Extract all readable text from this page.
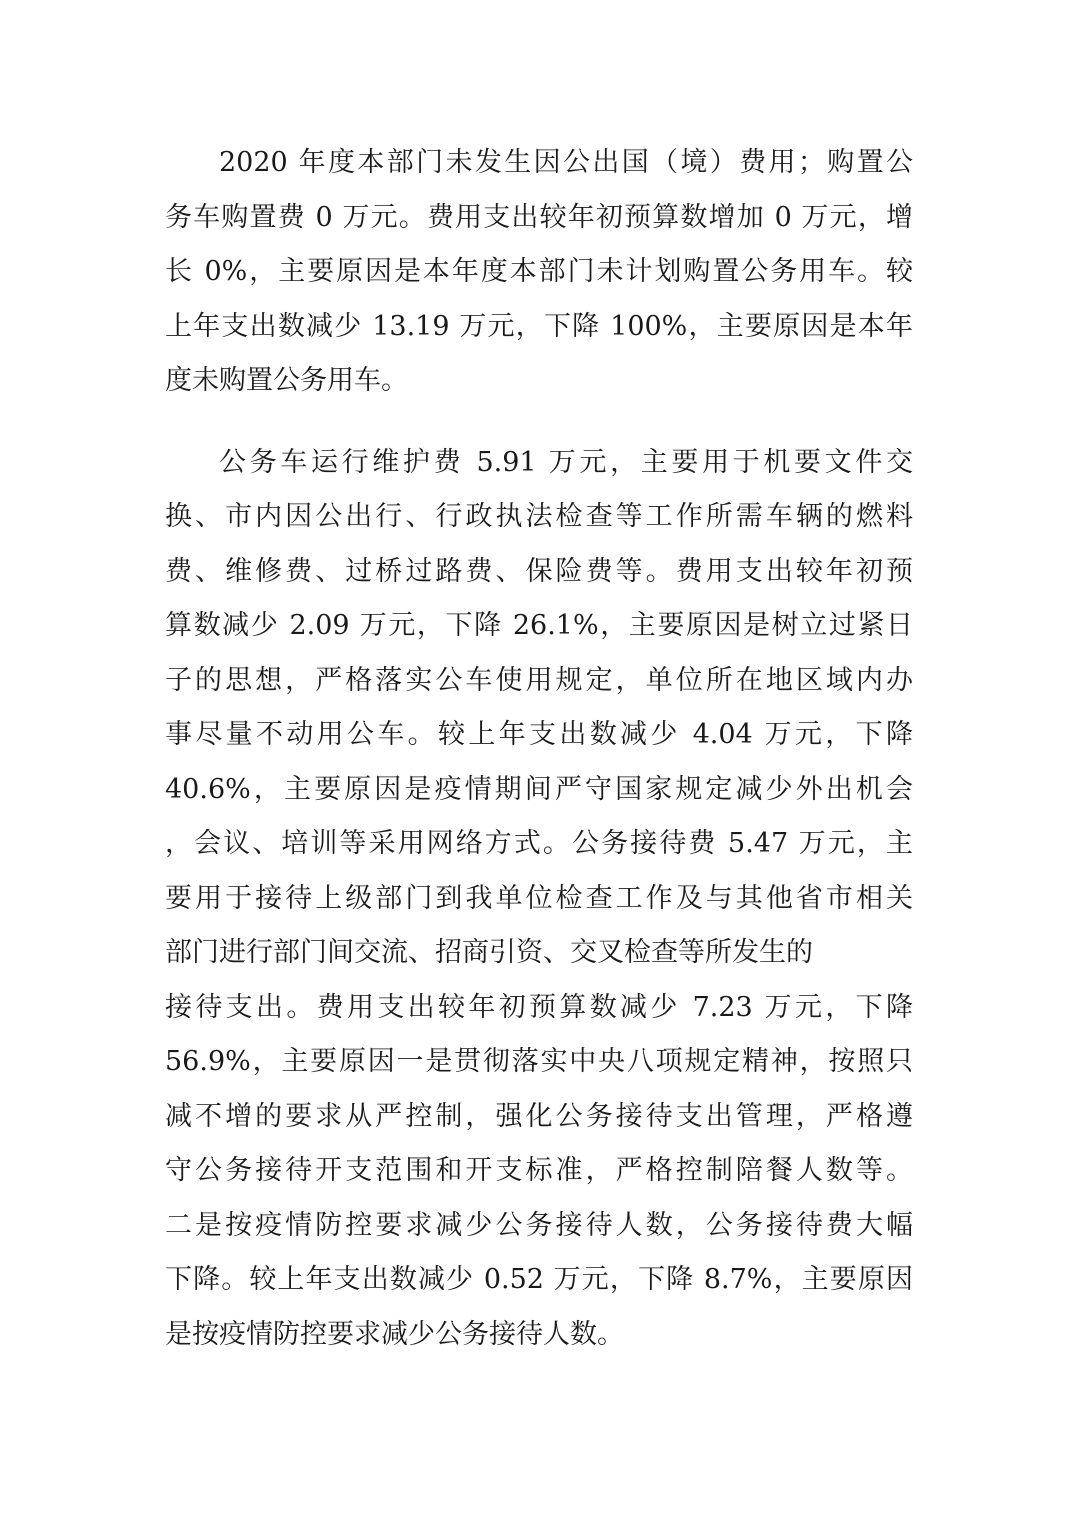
2020 年度本部门未发生因公出国（境）费用；购置公
务车购置费 0 万元。费用支出较年初预算数增加 0 万元，增
长 0%，主要原因是本年度本部门未计划购置公务用车。较
上年支出数减少 13.19 万元，下降 100%，主要原因是本年
度未购置公务用车。
公务车运行维护费 5.91 万元，主要用于机要文件交
换、市内因公出行、行政执法检查等工作所需车辆的燃料
费、维修费、过桥过路费、保险费等。费用支出较年初预
算数减少 2.09 万元，下降 26.1%，主要原因是树立过紧日
子的思想，严格落实公车使用规定，单位所在地区域内办
事尽量不动用公车。较上年支出数减少 4.04 万元，下降
40.6%，主要原因是疫情期间严守国家规定减少外出机会
，会议、培训等采用网络方式。公务接待费 5.47 万元，主
要用于接待上级部门到我单位检查工作及与其他省市相关
部门进行部门间交流、招商引资、交叉检查等所发生的
接待支出。费用支出较年初预算数减少 7.23 万元，下降
56.9%，主要原因一是贯彻落实中央八项规定精神，按照只
减不增的要求从严控制，强化公务接待支出管理，严格遵
守公务接待开支范围和开支标准，严格控制陪餐人数等。
二是按疫情防控要求减少公务接待人数，公务接待费大幅
下降。较上年支出数减少 0.52 万元，下降 8.7%，主要原因
是按疫情防控要求减少公务接待人数。
